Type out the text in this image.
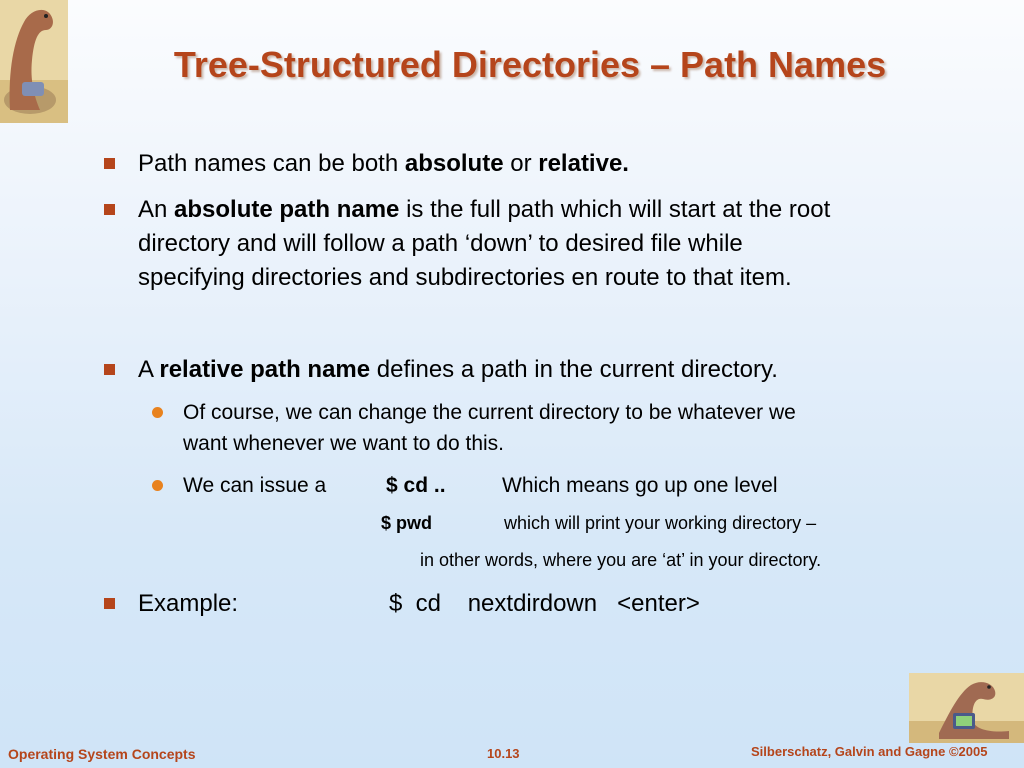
Tree-Structured Directories – Path Names
Path names can be both absolute or relative.
An absolute path name is the full path which will start at the root
directory and will follow a path ‘down’ to desired file while
specifying directories and subdirectories en route to that item.
A relative path name defines a path in the current directory.
Of course, we can change the current directory to be whatever we
want whenever we want to do this.
We can issue a	$ cd ..	Which means go up one level
$ pwd	which will print your working directory –
in other words, where you are ‘at’ in your directory.
Example:	$  cd    nextdirdown   <enter>
Operating System Concepts	10.13	Silberschatz, Galvin and Gagne ©2005
